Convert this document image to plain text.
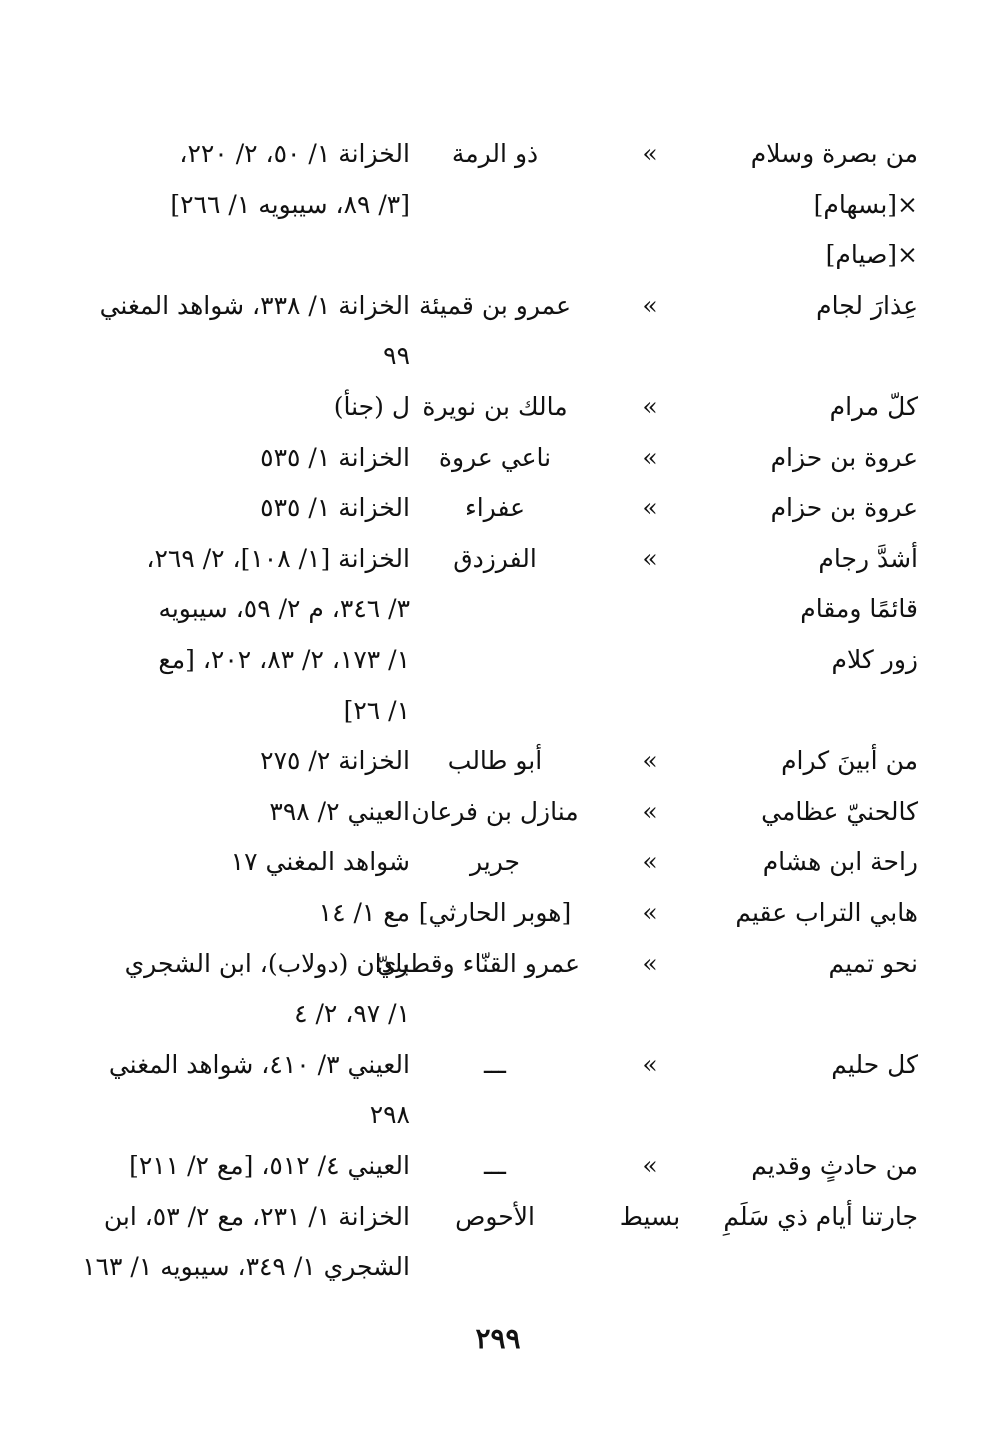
من بصرة وسلام
»
ذو الرمة
الخزانة ١/ ٥٠، ٢/ ٢٢٠،
×[بسهام]
[٣/ ٨٩، سيبويه ١/ ٢٦٦]
×[صيام]
عِذارَ لجام
»
عمرو بن قميئة
الخزانة ١/ ٣٣٨، شواهد المغني
٩٩
كلّ مرام
»
مالك بن نويرة
ل (جنأ)
عروة بن حزام
»
ناعي عروة
الخزانة ١/ ٥٣٥
عروة بن حزام
»
عفراء
الخزانة ١/ ٥٣٥
أشدَّ رجام
»
الفرزدق
الخزانة [١/ ١٠٨]، ٢/ ٢٦٩،
قائمًا ومقام
٣/ ٣٤٦، م ٢/ ٥٩، سيبويه
زور كلام
١/ ١٧٣، ٢/ ٨٣، ٢٠٢، [مع
١/ ٢٦]
من أبينَ كرام
»
أبو طالب
الخزانة ٢/ ٢٧٥
كالحنيّ عظامي
»
منازل بن فرعان
العيني ٢/ ٣٩٨
راحة ابن هشام
»
جرير
شواهد المغني ١٧
هابي التراب عقيم
»
[هوبر الحارثي]
مع ١/ ١٤
نحو تميم
»
عمرو القنّاء وقطريّ
بلدان (دولاب)، ابن الشجري
١/ ٩٧، ٢/ ٤
كل حليم
»
ـــ
العيني ٣/ ٤١٠، شواهد المغني
٢٩٨
من حادثٍ وقديم
»
ـــ
العيني ٤/ ٥١٢، [مع ٢/ ٢١١]
جارتنا أيام ذي سَلَمِ
بسيط
الأحوص
الخزانة ١/ ٢٣١، مع ٢/ ٥٣، ابن
الشجري ١/ ٣٤٩، سيبويه ١/ ١٦٣
٢٩٩
